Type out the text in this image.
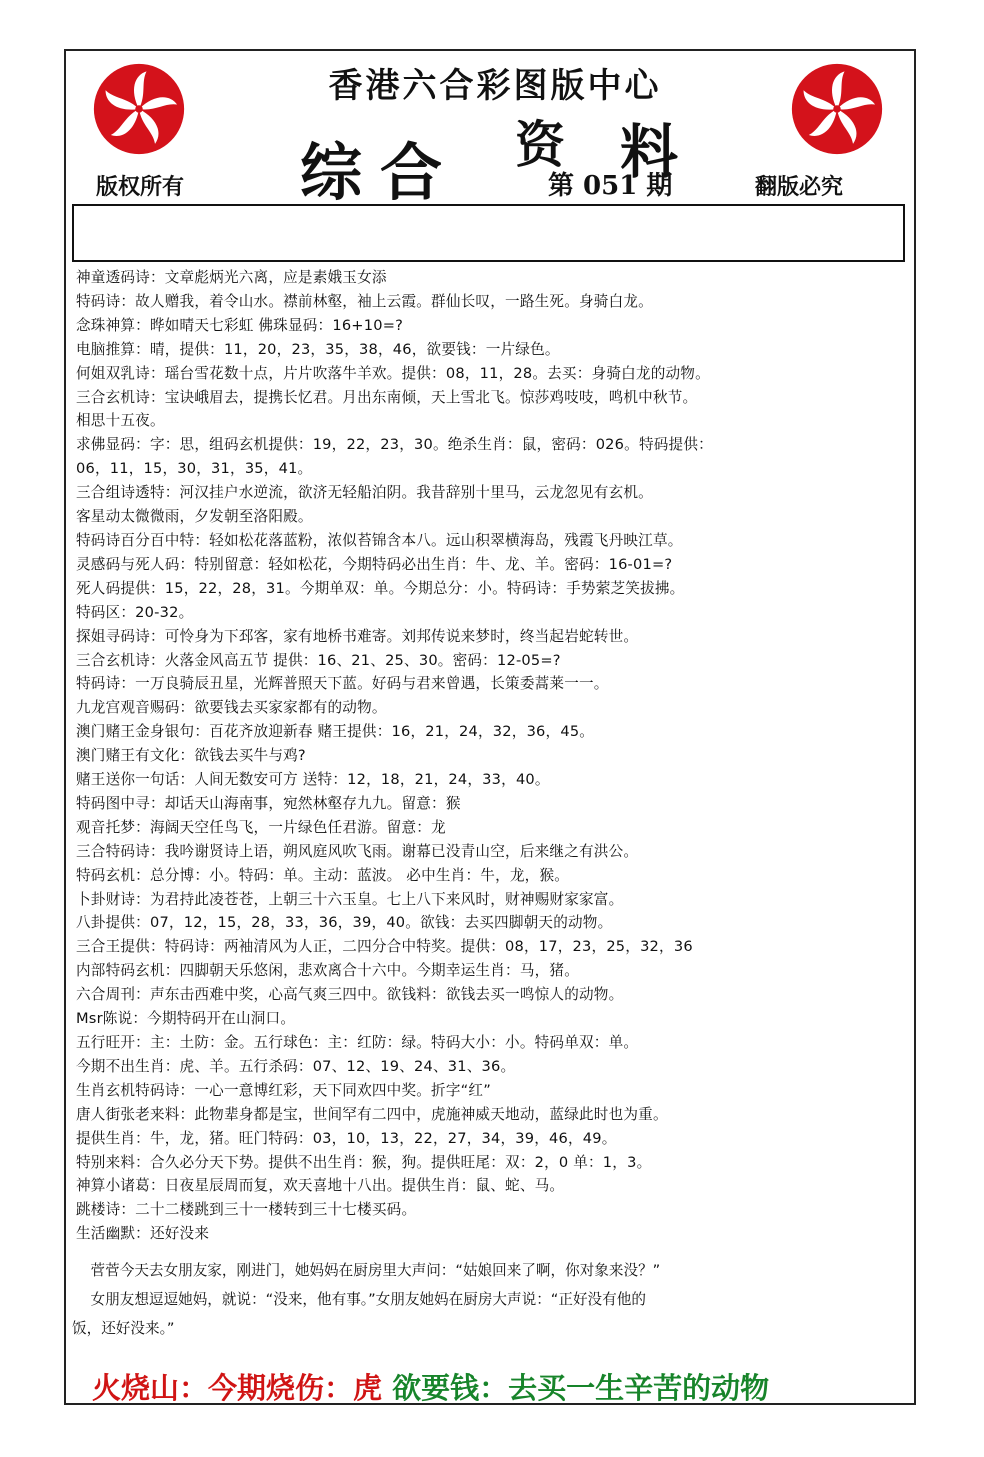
香港六合彩图版中心
综 合 资 料
版权所有	第 051 期	翻版必究
神童透码诗：文章彪炳光六离，应是素娥玉女添
特码诗：故人赠我，着令山水。襟前林壑，袖上云霞。群仙长叹，一路生死。身骑白龙。
念珠神算：晔如晴天七彩虹 佛珠显码：16+10=?
电脑推算：晴，提供：11，20，23，35，38，46，欲要钱：一片绿色。
何姐双乳诗：瑶台雪花数十点，片片吹落牛羊欢。提供：08，11，28。去买：身骑白龙的动物。
三合玄机诗：宝诀峨眉去，提携长忆君。月出东南倾，天上雪北飞。惊莎鸡吱吱，鸣机中秋节。
相思十五夜。
求佛显码：字：思，组码玄机提供：19，22，23，30。绝杀生肖：鼠，密码：026。特码提供：
06，11，15，30，31，35，41。
三合组诗透特：河汉挂户水逆流，欲济无轻船泊阴。我昔辞别十里马，云龙忽见有玄机。
客星动太微微雨，夕发朝至洛阳殿。
特码诗百分百中特：轻如松花落蓝粉，浓似苔锦含本八。远山积翠横海岛，残霞飞丹映江草。
灵感码与死人码：特别留意：轻如松花，今期特码必出生肖：牛、龙、羊。密码：16-01=?
死人码提供：15，22，28，31。今期单双：单。今期总分：小。特码诗：手势萦芝笑拔拂。
特码区：20-32。
探姐寻码诗：可怜身为下邳客，家有地桥书难寄。刘邦传说来梦时，终当起岩蛇转世。
三合玄机诗：火落金风高五节 提供：16、21、25、30。密码：12-05=?
特码诗：一万良骑辰丑星，光辉普照天下蓝。好码与君来曾遇，长策委蒿莱一一。
九龙宫观音赐码：欲要钱去买家家都有的动物。
澳门赌王金身银句：百花齐放迎新春 赌王提供：16，21，24，32，36，45。
澳门赌王有文化：欲钱去买牛与鸡?
赌王送你一句话：人间无数安可方 送特：12，18，21，24，33，40。
特码图中寻：却话天山海南事，宛然林壑存九九。留意：猴
观音托梦：海阔天空任鸟飞，一片绿色任君游。留意：龙
三合特码诗：我吟谢贤诗上语，朔风庭风吹飞雨。谢幕已没青山空，后来继之有洪公。
特码玄机：总分博：小。特码：单。主动：蓝波。 必中生肖：牛，龙，猴。
卜卦财诗：为君持此凌苍苍，上朝三十六玉皇。七上八下来风时，财神赐财家家富。
八卦提供：07，12，15，28，33，36，39，40。欲钱：去买四脚朝天的动物。
三合王提供：特码诗：两袖清风为人正，二四分合中特奖。提供：08，17，23，25，32，36
内部特码玄机：四脚朝天乐悠闲，悲欢离合十六中。今期幸运生肖：马，猪。
六合周刊：声东击西难中奖，心高气爽三四中。欲钱料：欲钱去买一鸣惊人的动物。
Msr陈说：今期特码开在山洞口。
五行旺开：主：土防：金。五行球色：主：红防：绿。特码大小：小。特码单双：单。
今期不出生肖：虎、羊。五行杀码：07、12、19、24、31、36。
生肖玄机特码诗：一心一意博红彩，天下同欢四中奖。折字“红”
唐人街张老来料：此物辈身都是宝，世间罕有二四中，虎施神威天地动，蓝绿此时也为重。
提供生肖：牛，龙，猪。旺门特码：03，10，13，22，27，34，39，46，49。
特别来料：合久必分天下势。提供不出生肖：猴，狗。提供旺尾：双：2，0 单：1，3。
神算小诸葛：日夜星辰周而复，欢天喜地十八出。提供生肖：鼠、蛇、马。
跳楼诗：二十二楼跳到三十一楼转到三十七楼买码。
生活幽默：还好没来

菅菅今天去女朋友家，刚进门，她妈妈在厨房里大声问：“姑娘回来了啊，你对象来没？”

女朋友想逗逗她妈，就说：“没来，他有事。”女朋友她妈在厨房大声说：“正好没有他的

饭，还好没来。”

火烧山：今期烧伤：虎 欲要钱：去买一生辛苦的动物
